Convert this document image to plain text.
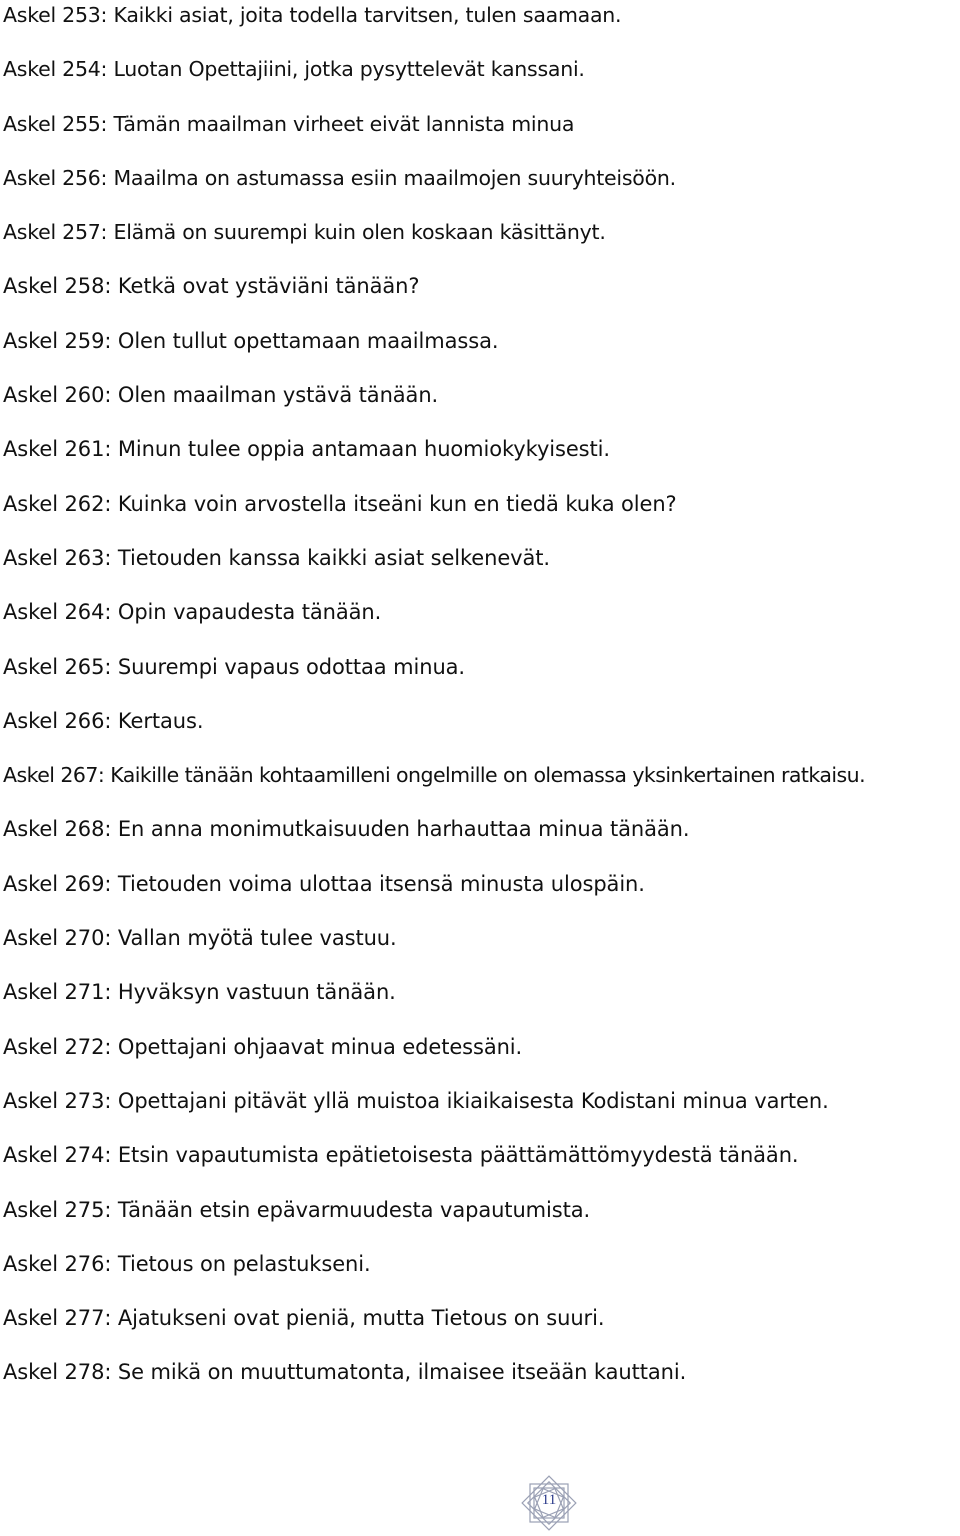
Askel 253: Kaikki asiat, joita todella tarvitsen, tulen saamaan.
Askel 254: Luotan Opettajiini, jotka pysyttelevät kanssani.
Askel 255: Tämän maailman virheet eivät lannista minua
Askel 256: Maailma on astumassa esiin maailmojen suuryhteisöön.
Askel 257: Elämä on suurempi kuin olen koskaan käsittänyt.
Askel 258: Ketkä ovat ystäviäni tänään?
Askel 259: Olen tullut opettamaan maailmassa.
Askel 260: Olen maailman ystävä tänään.
Askel 261: Minun tulee oppia antamaan huomiokykyisesti.
Askel 262: Kuinka voin arvostella itseäni kun en tiedä kuka olen?
Askel 263: Tietouden kanssa kaikki asiat selkenevät.
Askel 264: Opin vapaudesta tänään.
Askel 265: Suurempi vapaus odottaa minua.
Askel 266: Kertaus.
Askel 267: Kaikille tänään kohtaamilleni ongelmille on olemassa yksinkertainen ratkaisu.
Askel 268: En anna monimutkaisuuden harhauttaa minua tänään.
Askel 269: Tietouden voima ulottaa itsensä minusta ulospäin.
Askel 270: Vallan myötä tulee vastuu.
Askel 271: Hyväksyn vastuun tänään.
Askel 272: Opettajani ohjaavat minua edetessäni.
Askel 273: Opettajani pitävät yllä muistoa ikiaikaisesta Kodistani minua varten.
Askel 274: Etsin vapautumista epätietoisesta päättämättömyydestä tänään.
Askel 275: Tänään etsin epävarmuudesta vapautumista.
Askel 276: Tietous on pelastukseni.
Askel 277: Ajatukseni ovat pieniä, mutta Tietous on suuri.
Askel 278: Se mikä on muuttumatonta, ilmaisee itseään kauttani.
11
